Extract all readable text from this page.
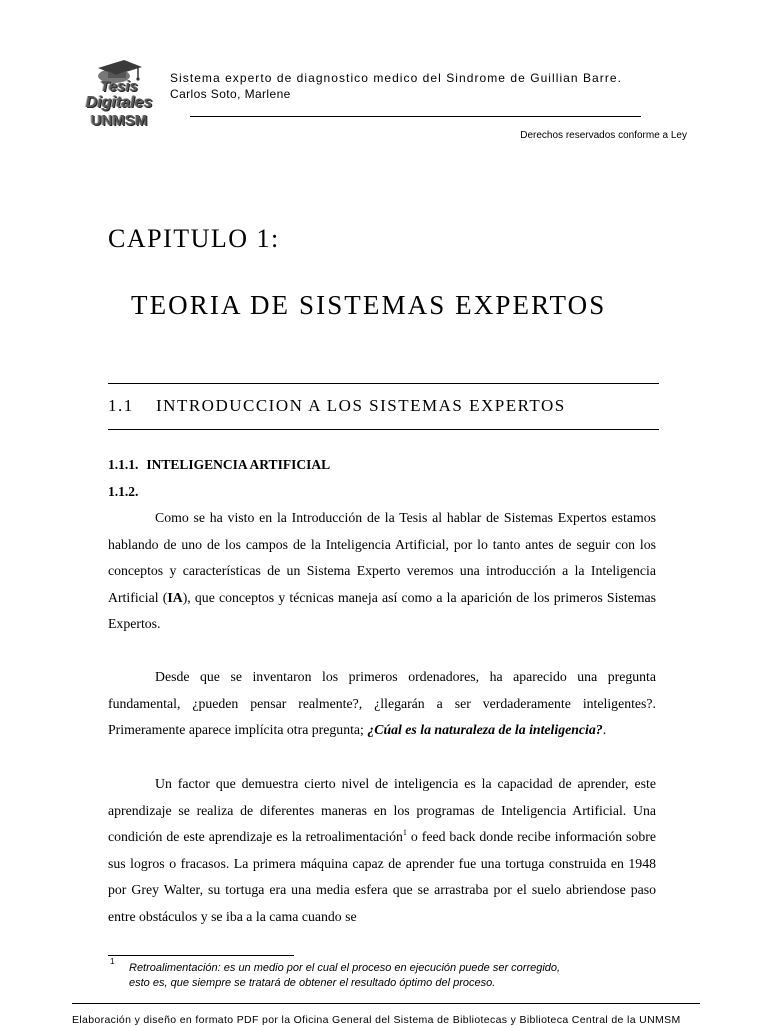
Tesis
Digitales
UNMSM
Sistema experto de diagnostico medico del Sindrome de Guillian Barre.
Carlos Soto, Marlene
Derechos reservados conforme a Ley
CAPITULO 1:
TEORIA DE SISTEMAS EXPERTOS
1.1 INTRODUCCION A LOS SISTEMAS EXPERTOS
1.1.1. INTELIGENCIA ARTIFICIAL
1.1.2.
Como se ha visto en la Introducción de la Tesis al hablar de Sistemas Expertos estamos hablando de uno de los campos de la Inteligencia Artificial, por lo tanto antes de seguir con los conceptos y características de un Sistema Experto veremos una introducción a la Inteligencia Artificial (IA), que conceptos y técnicas maneja así como a la aparición de los primeros Sistemas Expertos.
Desde que se inventaron los primeros ordenadores, ha aparecido una pregunta fundamental, ¿pueden pensar realmente?, ¿llegarán a ser verdaderamente inteligentes?. Primeramente aparece implícita otra pregunta; ¿Cúal es la naturaleza de la inteligencia?.
Un factor que demuestra cierto nivel de inteligencia es la capacidad de aprender, este aprendizaje se realiza de diferentes maneras en los programas de Inteligencia Artificial. Una condición de este aprendizaje es la retroalimentación$^1$ o feed back donde recibe información sobre sus logros o fracasos. La primera máquina capaz de aprender fue una tortuga construida en 1948 por Grey Walter, su tortuga era una media esfera que se arrastraba por el suelo abriendose paso entre obstáculos y se iba a la cama cuando se
1
Retroalimentación: es un medio por el cual el proceso en ejecución puede ser corregido,
esto es, que siempre se tratará de obtener el resultado óptimo del proceso.
Elaboración y diseño en formato PDF por la Oficina General del Sistema de Bibliotecas y Biblioteca Central de la UNMSM
